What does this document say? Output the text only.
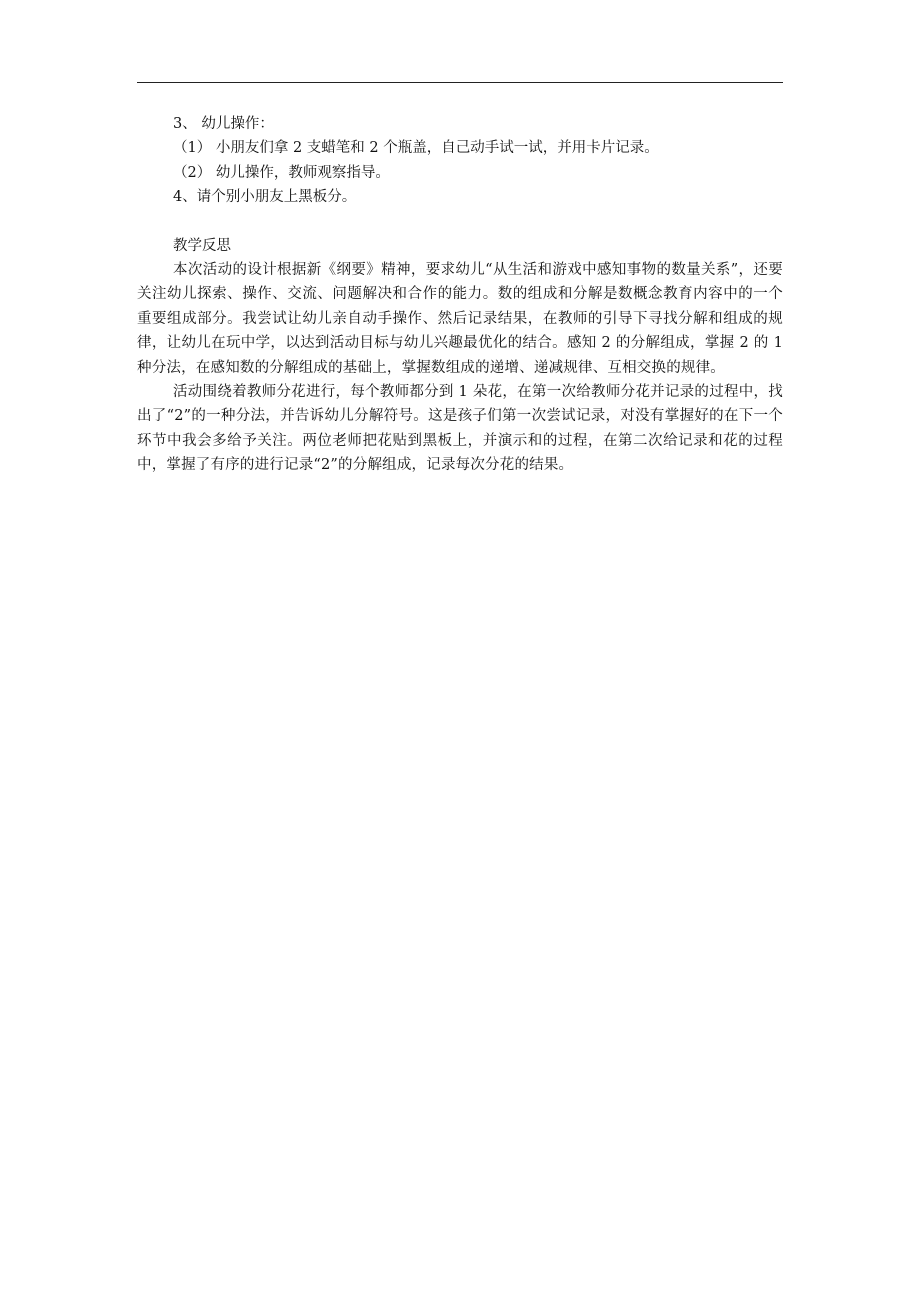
3、 幼儿操作：

（1） 小朋友们拿 2 支蜡笔和 2 个瓶盖，自己动手试一试，并用卡片记录。

（2） 幼儿操作，教师观察指导。

4、请个别小朋友上黑板分。

教学反思

本次活动的设计根据新《纲要》精神，要求幼儿“从生活和游戏中感知事物的数量关系”，还要关注幼儿探索、操作、交流、问题解决和合作的能力。数的组成和分解是数概念教育内容中的一个重要组成部分。我尝试让幼儿亲自动手操作、然后记录结果，在教师的引导下寻找分解和组成的规律，让幼儿在玩中学，以达到活动目标与幼儿兴趣最优化的结合。感知 2 的分解组成，掌握 2 的 1 种分法，在感知数的分解组成的基础上，掌握数组成的递增、递减规律、互相交换的规律。

活动围绕着教师分花进行，每个教师都分到 1 朵花，在第一次给教师分花并记录的过程中，找出了“2”的一种分法，并告诉幼儿分解符号。这是孩子们第一次尝试记录，对没有掌握好的在下一个环节中我会多给予关注。两位老师把花贴到黑板上，并演示和的过程，在第二次给记录和花的过程中，掌握了有序的进行记录“2”的分解组成，记录每次分花的结果。
